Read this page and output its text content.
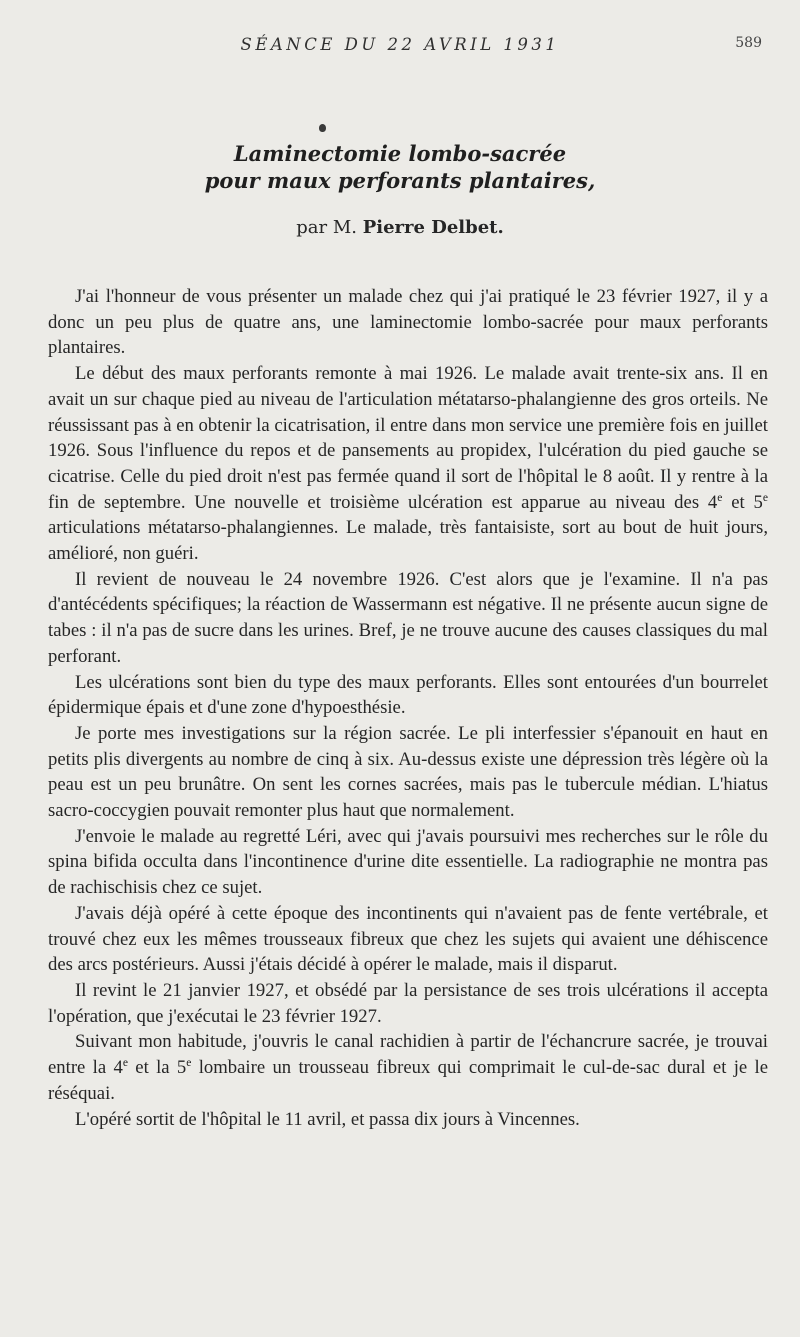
SÉANCE DU 22 AVRIL 1931	589
Laminectomie lombo-sacrée
pour maux perforants plantaires,
par M. Pierre Delbet.

J'ai l'honneur de vous présenter un malade chez qui j'ai pratiqué le 23 février 1927, il y a donc un peu plus de quatre ans, une laminectomie lombo-sacrée pour maux perforants plantaires.

Le début des maux perforants remonte à mai 1926. Le malade avait trente-six ans. Il en avait un sur chaque pied au niveau de l'articulation métatarso-phalangienne des gros orteils. Ne réussissant pas à en obtenir la cicatrisation, il entre dans mon service une première fois en juillet 1926. Sous l'influence du repos et de pansements au propidex, l'ulcération du pied gauche se cicatrise. Celle du pied droit n'est pas fermée quand il sort de l'hôpital le 8 août. Il y rentre à la fin de septembre. Une nouvelle et troisième ulcération est apparue au niveau des 4e et 5e articulations métatarso-phalangiennes. Le malade, très fantaisiste, sort au bout de huit jours, amélioré, non guéri.

Il revient de nouveau le 24 novembre 1926. C'est alors que je l'examine. Il n'a pas d'antécédents spécifiques; la réaction de Wassermann est négative. Il ne présente aucun signe de tabes : il n'a pas de sucre dans les urines. Bref, je ne trouve aucune des causes classiques du mal perforant.

Les ulcérations sont bien du type des maux perforants. Elles sont entourées d'un bourrelet épidermique épais et d'une zone d'hypoesthésie.

Je porte mes investigations sur la région sacrée. Le pli interfessier s'épanouit en haut en petits plis divergents au nombre de cinq à six. Au-dessus existe une dépression très légère où la peau est un peu brunâtre. On sent les cornes sacrées, mais pas le tubercule médian. L'hiatus sacro-coccygien pouvait remonter plus haut que normalement.

J'envoie le malade au regretté Léri, avec qui j'avais poursuivi mes recherches sur le rôle du spina bifida occulta dans l'incontinence d'urine dite essentielle. La radiographie ne montra pas de rachischisis chez ce sujet.

J'avais déjà opéré à cette époque des incontinents qui n'avaient pas de fente vertébrale, et trouvé chez eux les mêmes trousseaux fibreux que chez les sujets qui avaient une déhiscence des arcs postérieurs. Aussi j'étais décidé à opérer le malade, mais il disparut.

Il revint le 21 janvier 1927, et obsédé par la persistance de ses trois ulcérations il accepta l'opération, que j'exécutai le 23 février 1927.

Suivant mon habitude, j'ouvris le canal rachidien à partir de l'échancrure sacrée, je trouvai entre la 4e et la 5e lombaire un trousseau fibreux qui comprimait le cul-de-sac dural et je le réséquai.

L'opéré sortit de l'hôpital le 11 avril, et passa dix jours à Vincennes.
